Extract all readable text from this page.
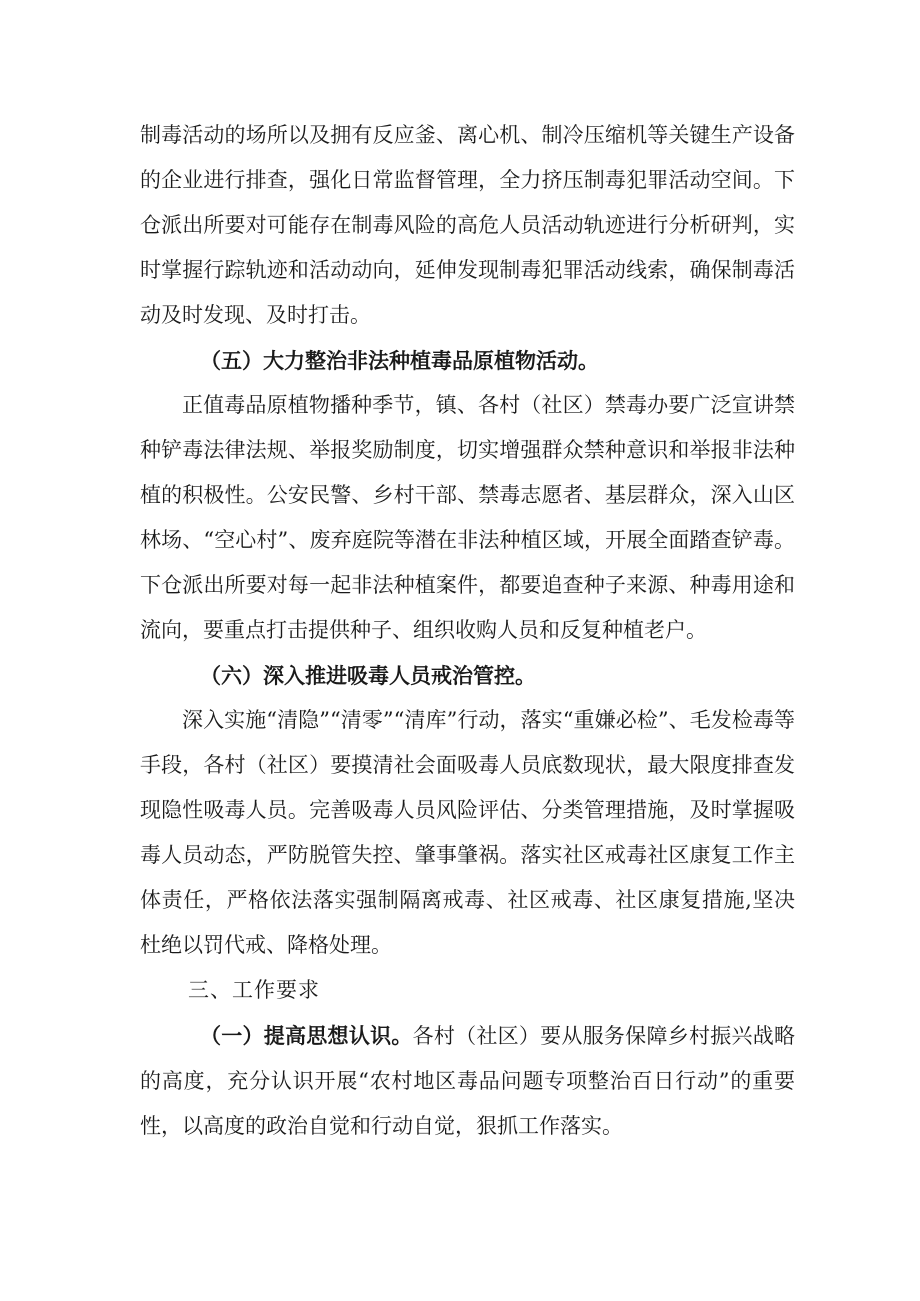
制毒活动的场所以及拥有反应釜、离心机、制冷压缩机等关键生产设备的企业进行排查，强化日常监督管理，全力挤压制毒犯罪活动空间。下仓派出所要对可能存在制毒风险的高危人员活动轨迹进行分析研判，实时掌握行踪轨迹和活动动向，延伸发现制毒犯罪活动线索，确保制毒活动及时发现、及时打击。

（五）大力整治非法种植毒品原植物活动。

正值毒品原植物播种季节，镇、各村（社区）禁毒办要广泛宣讲禁种铲毒法律法规、举报奖励制度，切实增强群众禁种意识和举报非法种植的积极性。公安民警、乡村干部、禁毒志愿者、基层群众，深入山区林场、“空心村”、废弃庭院等潜在非法种植区域，开展全面踏查铲毒。下仓派出所要对每一起非法种植案件，都要追查种子来源、种毒用途和流向，要重点打击提供种子、组织收购人员和反复种植老户。

（六）深入推进吸毒人员戒治管控。

深入实施“清隐”“清零”“清库”行动，落实“重嫌必检”、毛发检毒等手段，各村（社区）要摸清社会面吸毒人员底数现状，最大限度排查发现隐性吸毒人员。完善吸毒人员风险评估、分类管理措施，及时掌握吸毒人员动态，严防脱管失控、肇事肇祸。落实社区戒毒社区康复工作主体责任，严格依法落实强制隔离戒毒、社区戒毒、社区康复措施,坚决杜绝以罚代戒、降格处理。

三、工作要求

（一）提高思想认识。各村（社区）要从服务保障乡村振兴战略的高度，充分认识开展“农村地区毒品问题专项整治百日行动”的重要性，以高度的政治自觉和行动自觉，狠抓工作落实。
